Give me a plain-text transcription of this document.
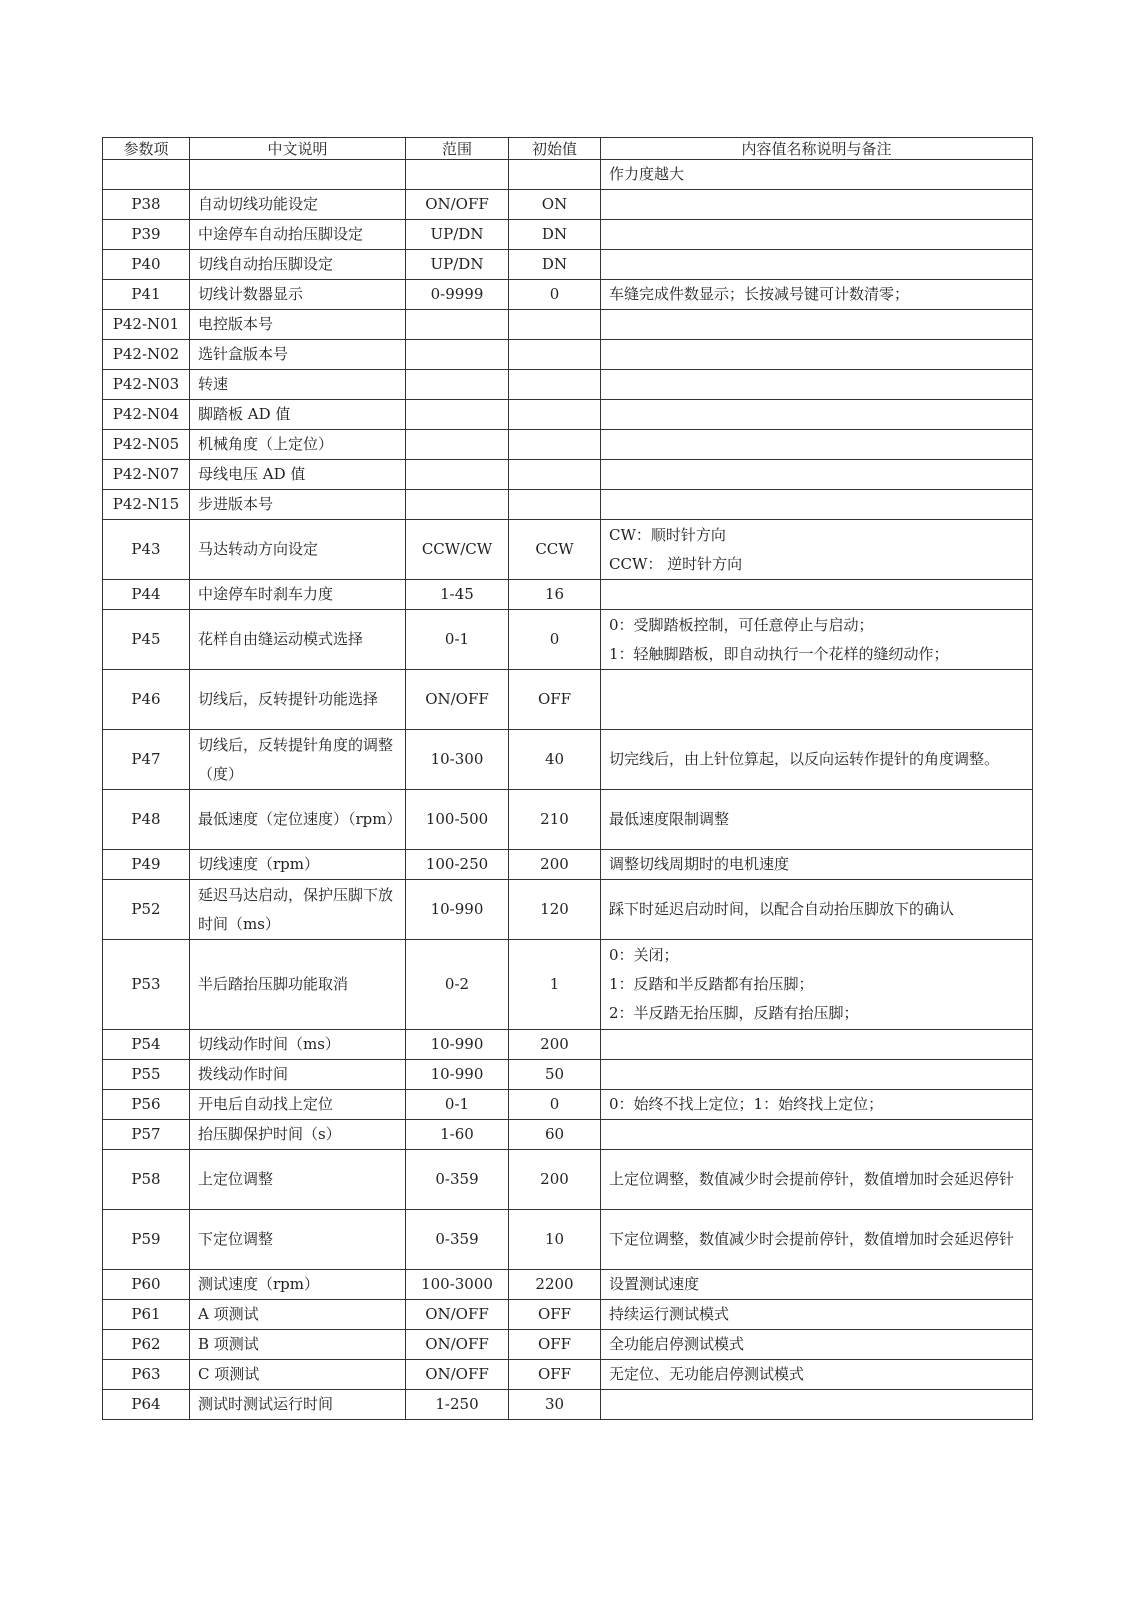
参数项	中文说明	范围	初始值	内容值名称说明与备注

				作力度越大

P38	自动切线功能设定	ON/OFF	ON	
P39	中途停车自动抬压脚设定	UP/DN	DN	
P40	切线自动抬压脚设定	UP/DN	DN	
P41	切线计数器显示	0-9999	0	车缝完成件数显示；长按减号键可计数清零；

P42-N01	电控版本号			
P42-N02	选针盒版本号			
P42-N03	转速			
P42-N04	脚踏板 AD 值			
P42-N05	机械角度（上定位）			
P42-N07	母线电压 AD 值			
P42-N15	步进版本号			
P43	马达转动方向设定	CCW/CW	CCW	CW：顺时针方向
CCW： 逆时针方向

P44	中途停车时刹车力度	1-45	16	
P45	花样自由缝运动模式选择	0-1	0	0：受脚踏板控制，可任意停止与启动；
1：轻触脚踏板，即自动执行一个花样的缝纫动作；

P46	切线后，反转提针功能选择	ON/OFF	OFF	
P47	切线后，反转提针角度的调整（度）	10-300	40	切完线后，由上针位算起，以反向运转作提针的角度调整。

P48	最低速度（定位速度）（rpm）	100-500	210	最低速度限制调整

P49	切线速度（rpm）	100-250	200	调整切线周期时的电机速度

P52	延迟马达启动，保护压脚下放时间（ms）	10-990	120	踩下时延迟启动时间，以配合自动抬压脚放下的确认

P53	半后踏抬压脚功能取消	0-2	1	0：关闭；
1：反踏和半反踏都有抬压脚；
2：半反踏无抬压脚，反踏有抬压脚；

P54	切线动作时间（ms）	10-990	200	
P55	拨线动作时间	10-990	50	
P56	开电后自动找上定位	0-1	0	0：始终不找上定位；1：始终找上定位；

P57	抬压脚保护时间（s）	1-60	60	
P58	上定位调整	0-359	200	上定位调整，数值减少时会提前停针，数值增加时会延迟停针

P59	下定位调整	0-359	10	下定位调整，数值减少时会提前停针，数值增加时会延迟停针

P60	测试速度（rpm）	100-3000	2200	设置测试速度

P61	A 项测试	ON/OFF	OFF	持续运行测试模式

P62	B 项测试	ON/OFF	OFF	全功能启停测试模式

P63	C 项测试	ON/OFF	OFF	无定位、无功能启停测试模式

P64	测试时测试运行时间	1-250	30	
